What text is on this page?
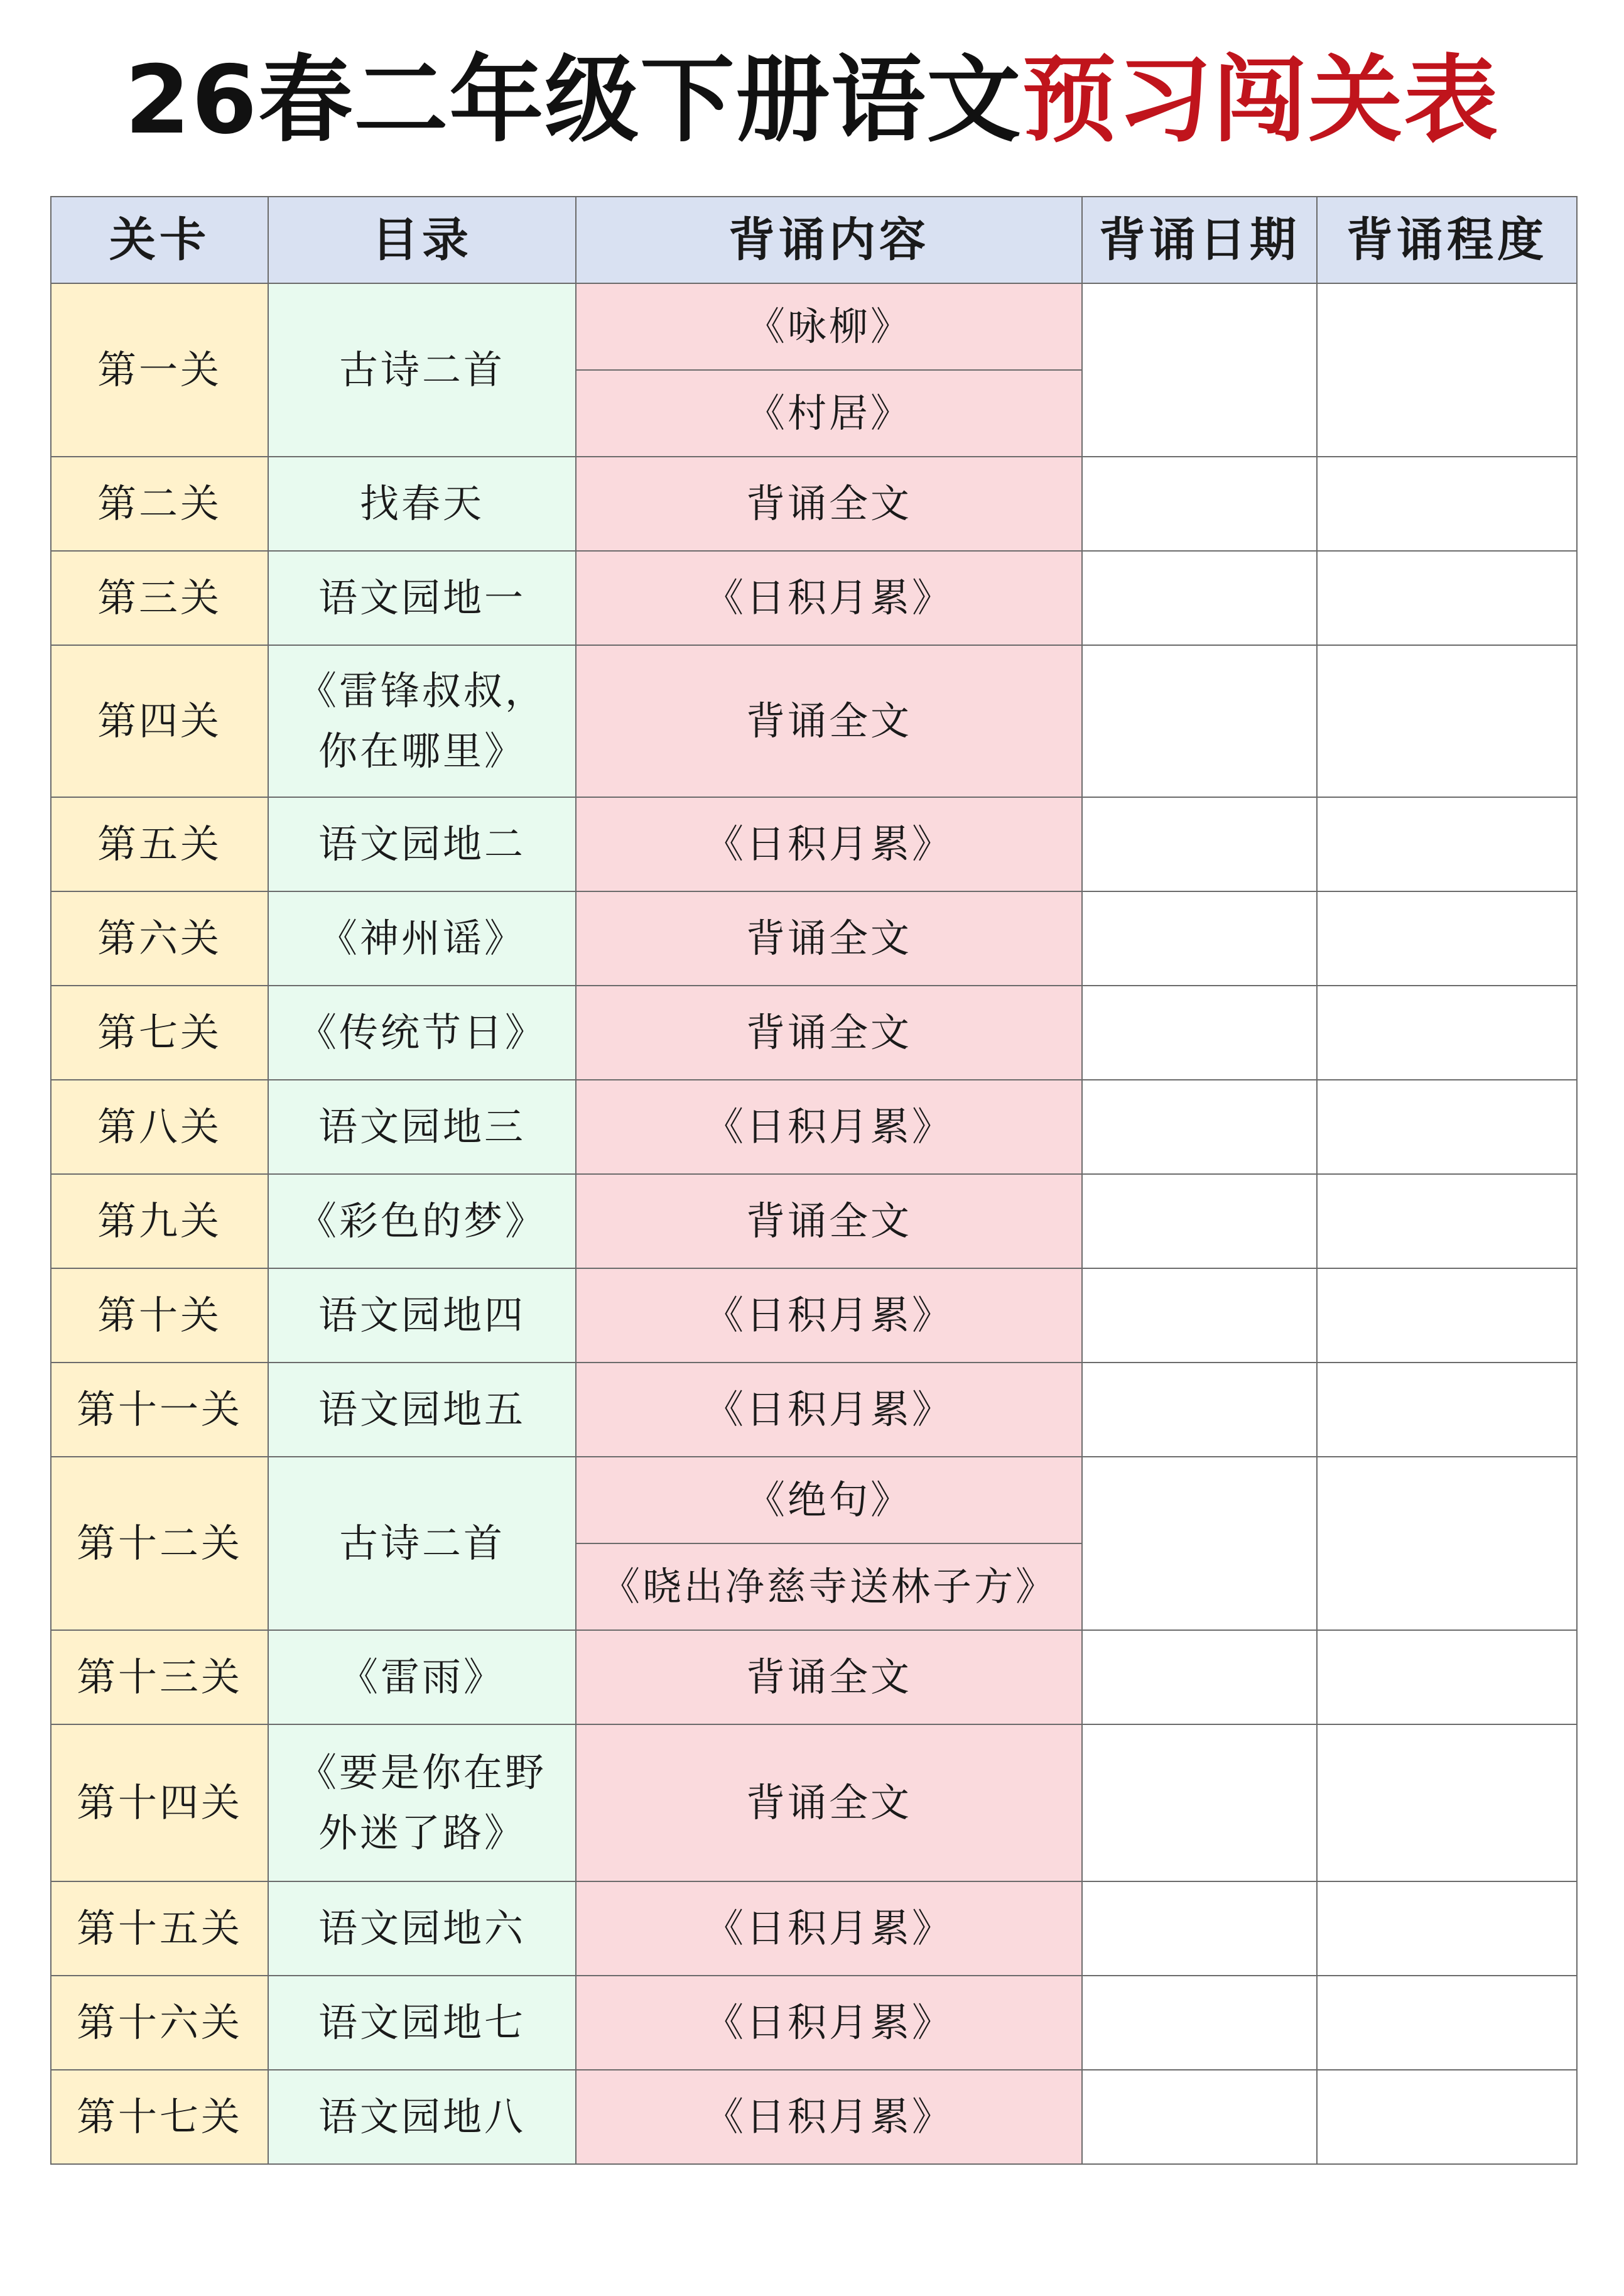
26春二年级下册语文预习闯关表
关卡	目录	背诵内容	背诵日期	背诵程度
第一关	古诗二首	《咏柳》		
		《村居》		
第二关	找春天	背诵全文		
第三关	语文园地一	《日积月累》		
第四关	《雷锋叔叔，你在哪里》	背诵全文		
第五关	语文园地二	《日积月累》		
第六关	《神州谣》	背诵全文		
第七关	《传统节日》	背诵全文		
第八关	语文园地三	《日积月累》		
第九关	《彩色的梦》	背诵全文		
第十关	语文园地四	《日积月累》		
第十一关	语文园地五	《日积月累》		
第十二关	古诗二首	《绝句》		
		《晓出净慈寺送林子方》		
第十三关	《雷雨》	背诵全文		
第十四关	《要是你在野外迷了路》	背诵全文		
第十五关	语文园地六	《日积月累》		
第十六关	语文园地七	《日积月累》		
第十七关	语文园地八	《日积月累》		
